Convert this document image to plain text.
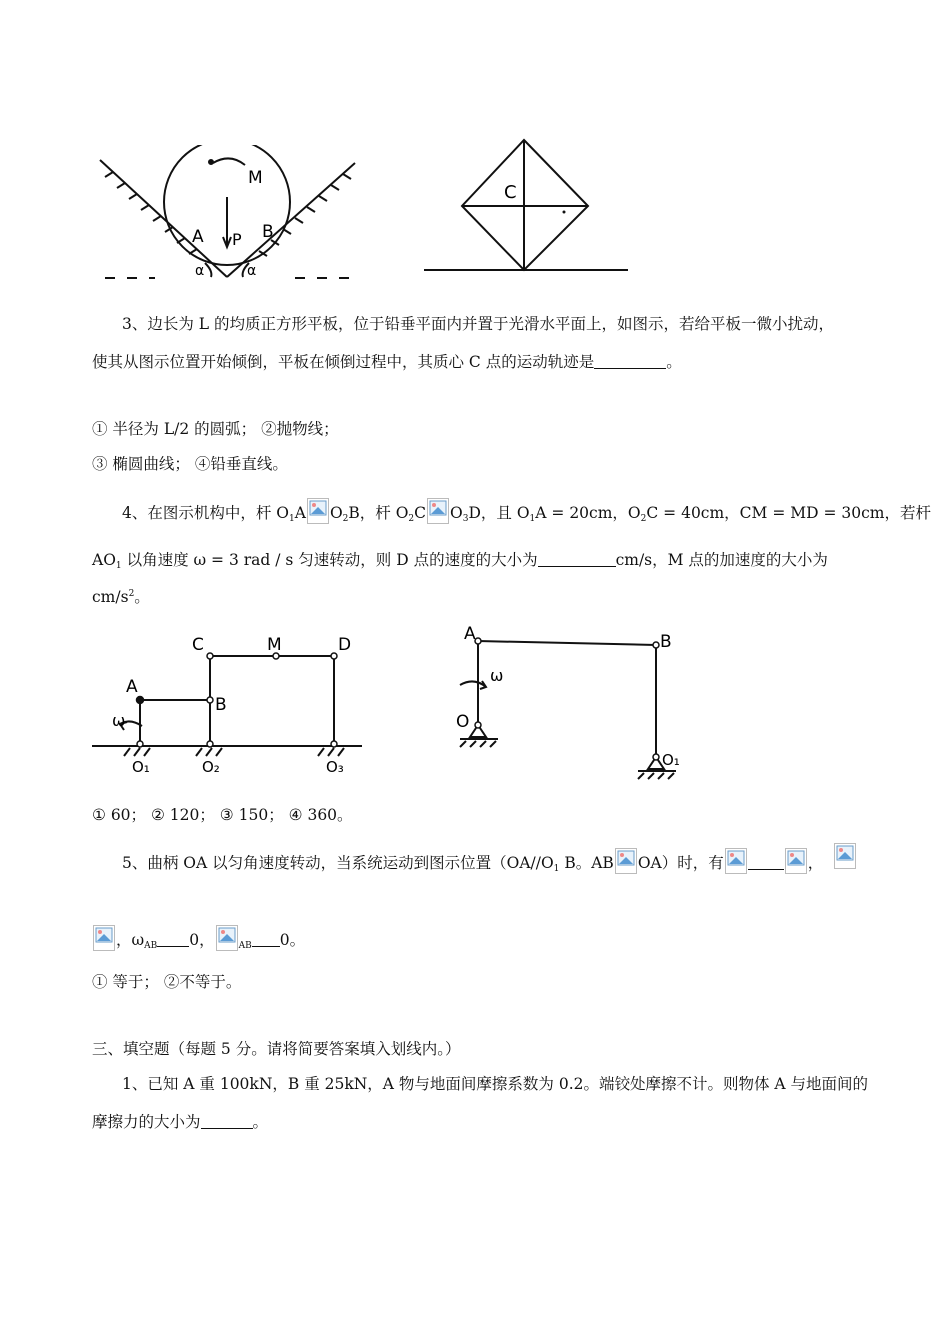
M
A P B
α	α
C
3、边长为 L 的均质正方形平板，位于铅垂平面内并置于光滑水平面上，如图示，若给平板一微小扰动，
使其从图示位置开始倾倒，平板在倾倒过程中，其质心 C 点的运动轨迹是	。
① 半径为 L/2 的圆弧； ②抛物线；
③ 椭圆曲线； ④铅垂直线。
4、在图示机构中，杆 $O_1A$ $O_2B$，杆 $O_2C$ $O_3D$，且 $O_1A = 20cm$，$O_2C = 40cm$，CM = MD = 30cm，若杆
$AO_1$ 以角速度 ω = 3 rad / s 匀速转动，则 D 点的速度的大小为	cm/s，M 点的加速度的大小为
$cm/s^2$。
C	M	D
A
B
ω
O₁	O₂	O₃
A	B
ω
O
O₁
① 60； ② 120； ③ 150； ④ 360。
5、曲柄 OA 以匀角速度转动，当系统运动到图示位置（$OA//O_1$ B。AB OA）时，有	，
，$\omega_{AB}$ 0，	$_{AB}$ 0。
① 等于； ②不等于。
三、填空题（每题 5 分。请将简要答案填入划线内。）
1、已知 A 重 100kN，B 重 25kN，A 物与地面间摩擦系数为 0.2。端铰处摩擦不计。则物体 A 与地面间的
摩擦力的大小为	。
